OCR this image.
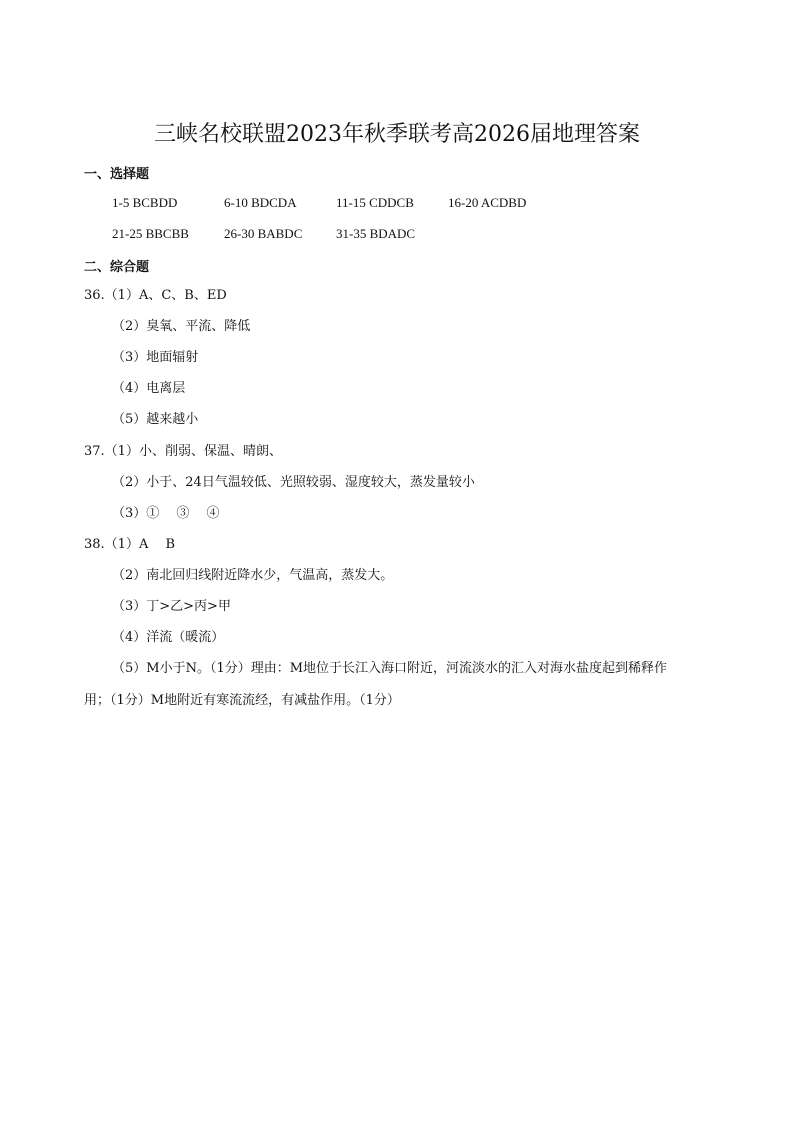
三峡名校联盟2023年秋季联考高2026届地理答案
一、选择题
1-5 BCBDD	6-10 BDCDA	11-15 CDDCB	16-20 ACDBD
21-25 BBCBB	26-30 BABDC	31-35 BDADC
二、综合题
36.（1）A、C、B、ED
（2）臭氧、平流、降低
（3）地面辐射
（4）电离层
（5）越来越小
37.（1）小、削弱、保温、晴朗、
（2）小于、24日气温较低、光照较弱、湿度较大，蒸发量较小
（3）①　 ③　 ④
38.（1）A　 B
（2）南北回归线附近降水少，气温高，蒸发大。
（3）丁>乙>丙>甲
（4）洋流（暖流）
（5）M小于N。（1分）理由：M地位于长江入海口附近，河流淡水的汇入对海水盐度起到稀释作
用；（1分）M地附近有寒流流经，有减盐作用。（1分）
